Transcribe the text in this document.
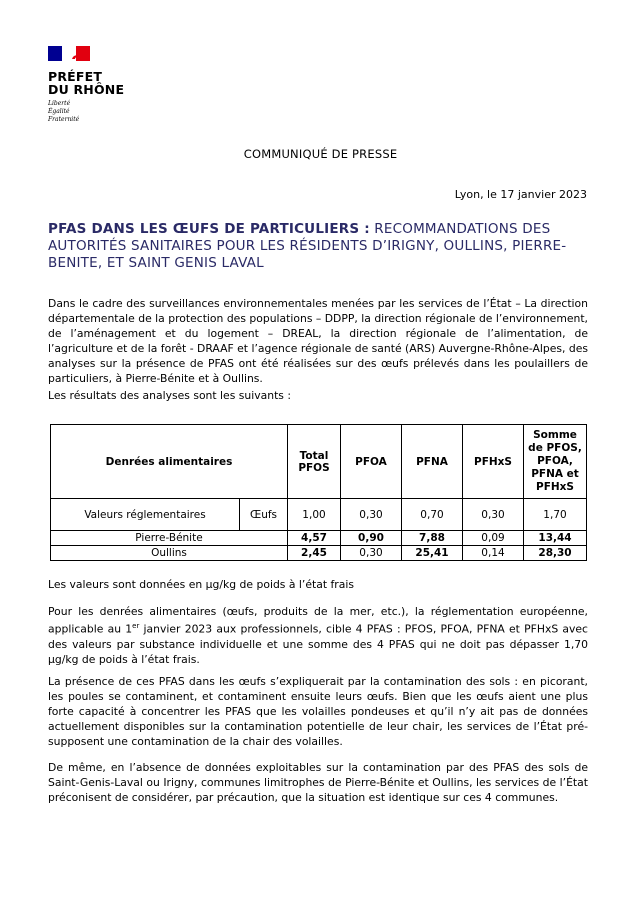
PRÉFET
DU RHÔNE
Liberté
Égalité
Fraternité
COMMUNIQUÉ DE PRESSE
Lyon, le 17 janvier 2023
PFAS DANS LES ŒUFS DE PARTICULIERS : RECOMMANDATIONS DES AUTORITÉS SANITAIRES POUR LES RÉSIDENTS D’IRIGNY, OULLINS, PIERRE-BENITE, ET SAINT GENIS LAVAL
Dans le cadre des surveillances environnementales menées par les services de l’État – La direction départementale de la protection des populations – DDPP, la direction régionale de l’environnement, de l’aménagement et du logement – DREAL, la direction régionale de l’alimentation, de l’agriculture et de la forêt - DRAAF et l’agence régionale de santé (ARS) Auvergne-Rhône-Alpes, des analyses sur la présence de PFAS ont été réalisées sur des œufs prélevés dans les poulaillers de particuliers, à Pierre-Bénite et à Oullins.
Les résultats des analyses sont les suivants :
Denrées alimentaires		Total PFOS	PFOA	PFNA	PFHxS	Somme de PFOS, PFOA, PFNA et PFHxS
Valeurs réglementaires	Œufs	1,00	0,30	0,70	0,30	1,70
Pierre-Bénite		4,57	0,90	7,88	0,09	13,44
Oullins		2,45	0,30	25,41	0,14	28,30
Les valeurs sont données en µg/kg de poids à l’état frais
Pour les denrées alimentaires (œufs, produits de la mer, etc.), la réglementation européenne, applicable au 1er janvier 2023 aux professionnels, cible 4 PFAS : PFOS, PFOA, PFNA et PFHxS avec des valeurs par substance individuelle et une somme des 4 PFAS qui ne doit pas dépasser 1,70 µg/kg de poids à l’état frais.
La présence de ces PFAS dans les œufs s’expliquerait par la contamination des sols : en picorant, les poules se contaminent, et contaminent ensuite leurs œufs. Bien que les œufs aient une plus forte capacité à concentrer les PFAS que les volailles pondeuses et qu’il n’y ait pas de données actuellement disponibles sur la contamination potentielle de leur chair, les services de l’État pré-supposent une contamination de la chair des volailles.
De même, en l’absence de données exploitables sur la contamination par des PFAS des sols de Saint-Genis-Laval ou Irigny, communes limitrophes de Pierre-Bénite et Oullins, les services de l’État préconisent de considérer, par précaution, que la situation est identique sur ces 4 communes.
